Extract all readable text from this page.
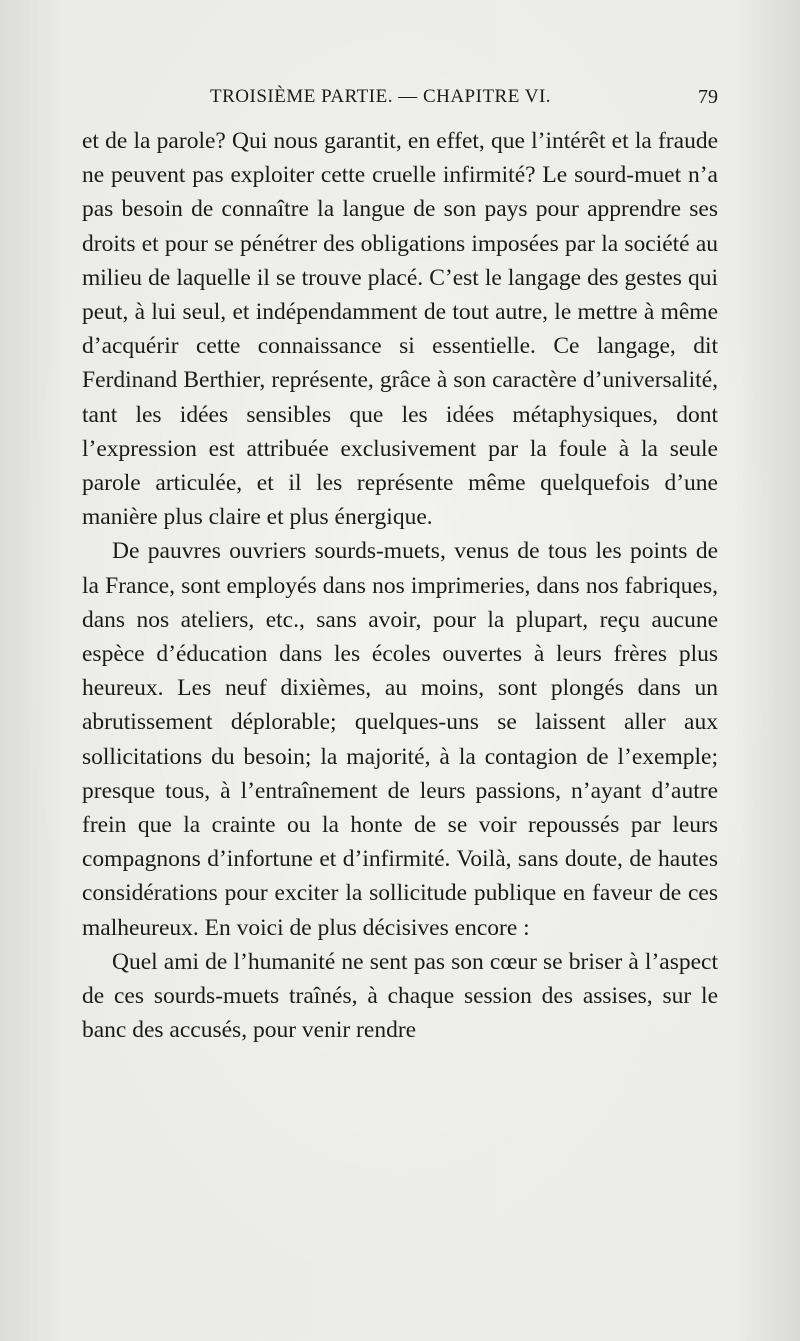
TROISIÈME PARTIE. — CHAPITRE VI.	79

et de la parole? Qui nous garantit, en effet, que l’intérêt et la fraude ne peuvent pas exploiter cette cruelle infirmité? Le sourd-muet n’a pas besoin de connaître la langue de son pays pour apprendre ses droits et pour se pénétrer des obligations imposées par la société au milieu de laquelle il se trouve placé. C’est le langage des gestes qui peut, à lui seul, et indépendamment de tout autre, le mettre à même d’acquérir cette connaissance si essentielle. Ce langage, dit Ferdinand Berthier, représente, grâce à son caractère d’universalité, tant les idées sensibles que les idées métaphysiques, dont l’expression est attribuée exclusivement par la foule à la seule parole articulée, et il les représente même quelquefois d’une manière plus claire et plus énergique.

De pauvres ouvriers sourds-muets, venus de tous les points de la France, sont employés dans nos imprimeries, dans nos fabriques, dans nos ateliers, etc., sans avoir, pour la plupart, reçu aucune espèce d’éducation dans les écoles ouvertes à leurs frères plus heureux. Les neuf dixièmes, au moins, sont plongés dans un abrutissement déplorable; quelques-uns se laissent aller aux sollicitations du besoin; la majorité, à la contagion de l’exemple; presque tous, à l’entraînement de leurs passions, n’ayant d’autre frein que la crainte ou la honte de se voir repoussés par leurs compagnons d’infortune et d’infirmité. Voilà, sans doute, de hautes considérations pour exciter la sollicitude publique en faveur de ces malheureux. En voici de plus décisives encore :

Quel ami de l’humanité ne sent pas son cœur se briser à l’aspect de ces sourds-muets traînés, à chaque session des assises, sur le banc des accusés, pour venir rendre
